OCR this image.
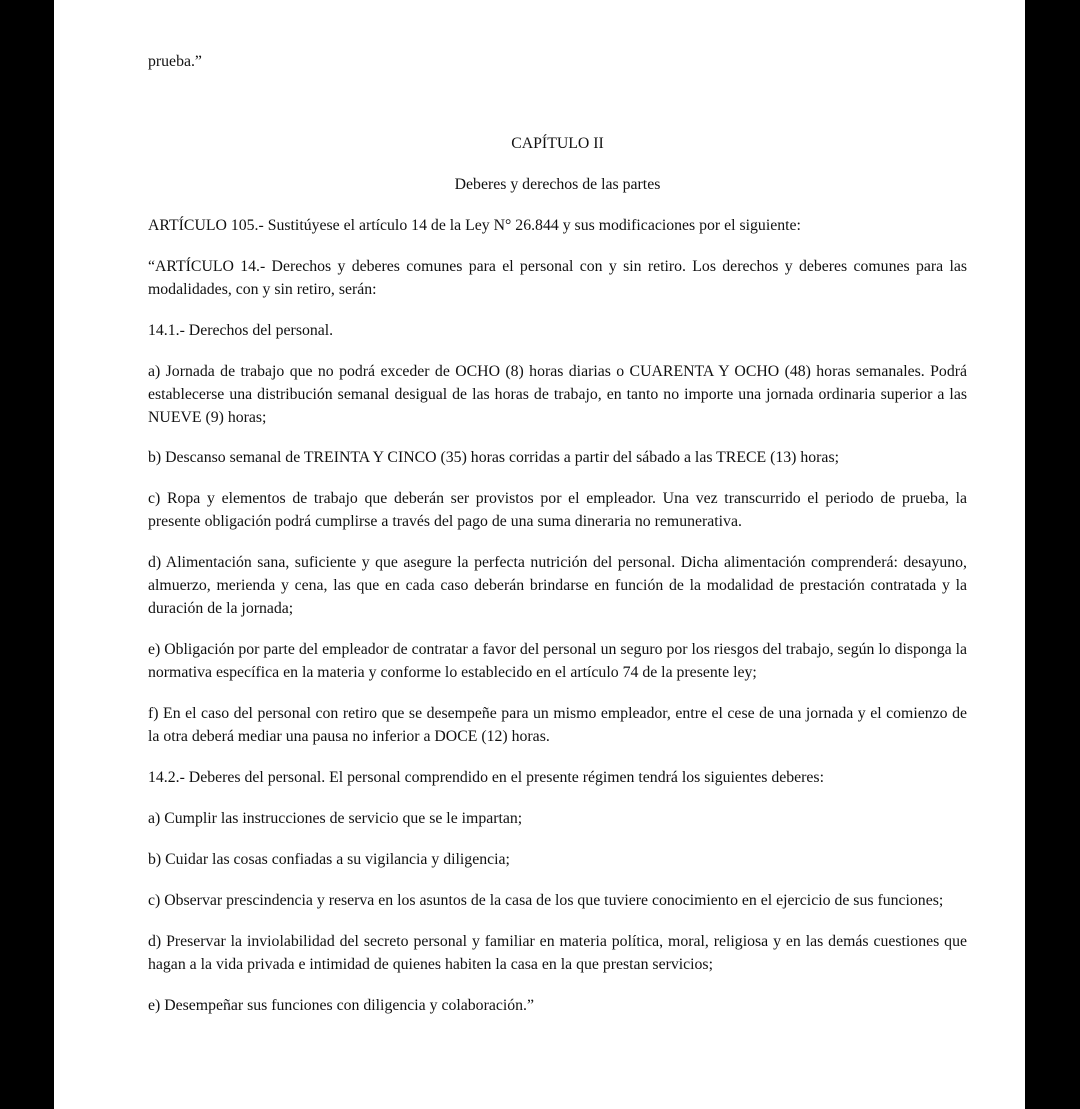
prueba.”

CAPÍTULO II

Deberes y derechos de las partes

ARTÍCULO 105.- Sustitúyese el artículo 14 de la Ley N° 26.844 y sus modificaciones por el siguiente:

“ARTÍCULO 14.- Derechos y deberes comunes para el personal con y sin retiro. Los derechos y deberes comunes para las modalidades, con y sin retiro, serán:

14.1.- Derechos del personal.

a) Jornada de trabajo que no podrá exceder de OCHO (8) horas diarias o CUARENTA Y OCHO (48) horas semanales. Podrá establecerse una distribución semanal desigual de las horas de trabajo, en tanto no importe una jornada ordinaria superior a las NUEVE (9) horas;

b) Descanso semanal de TREINTA Y CINCO (35) horas corridas a partir del sábado a las TRECE (13) horas;

c) Ropa y elementos de trabajo que deberán ser provistos por el empleador. Una vez transcurrido el periodo de prueba, la presente obligación podrá cumplirse a través del pago de una suma dineraria no remunerativa.

d) Alimentación sana, suficiente y que asegure la perfecta nutrición del personal. Dicha alimentación comprenderá: desayuno, almuerzo, merienda y cena, las que en cada caso deberán brindarse en función de la modalidad de prestación contratada y la duración de la jornada;

e) Obligación por parte del empleador de contratar a favor del personal un seguro por los riesgos del trabajo, según lo disponga la normativa específica en la materia y conforme lo establecido en el artículo 74 de la presente ley;

f) En el caso del personal con retiro que se desempeñe para un mismo empleador, entre el cese de una jornada y el comienzo de la otra deberá mediar una pausa no inferior a DOCE (12) horas.

14.2.- Deberes del personal. El personal comprendido en el presente régimen tendrá los siguientes deberes:

a) Cumplir las instrucciones de servicio que se le impartan;

b) Cuidar las cosas confiadas a su vigilancia y diligencia;

c) Observar prescindencia y reserva en los asuntos de la casa de los que tuviere conocimiento en el ejercicio de sus funciones;

d) Preservar la inviolabilidad del secreto personal y familiar en materia política, moral, religiosa y en las demás cuestiones que hagan a la vida privada e intimidad de quienes habiten la casa en la que prestan servicios;

e) Desempeñar sus funciones con diligencia y colaboración.”
